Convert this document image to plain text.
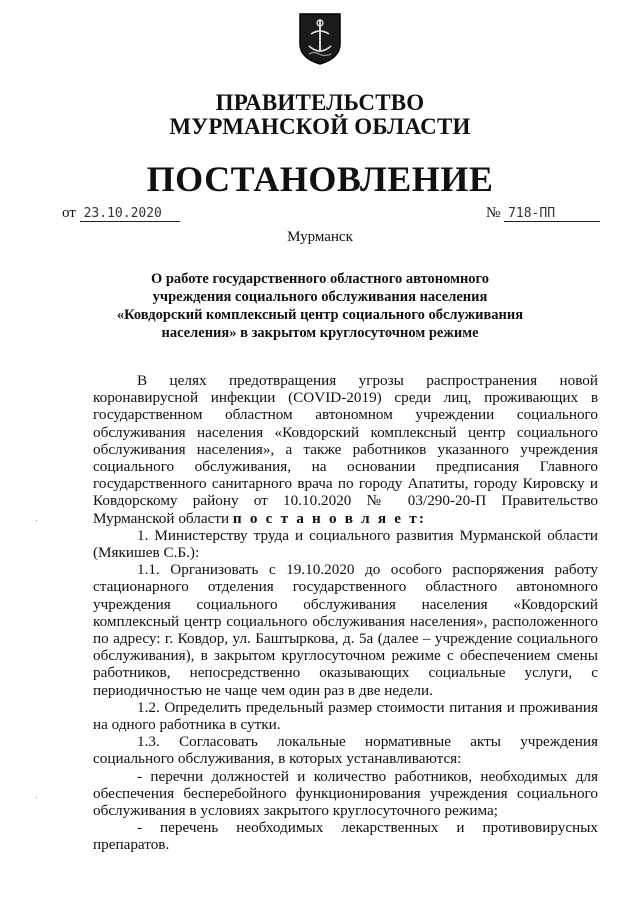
ПРАВИТЕЛЬСТВО
МУРМАНСКОЙ ОБЛАСТИ
ПОСТАНОВЛЕНИЕ
от 23.10.2020	№ 718-ПП
Мурманск
О работе государственного областного автономного учреждения социального обслуживания населения «Ковдорский комплексный центр социального обслуживания населения» в закрытом круглосуточном режиме

В целях предотвращения угрозы распространения новой коронавирусной инфекции (COVID-2019) среди лиц, проживающих в государственном областном автономном учреждении социального обслуживания населения «Ковдорский комплексный центр социального обслуживания населения», а также работников указанного учреждения социального обслуживания, на основании предписания Главного государственного санитарного врача по городу Апатиты, городу Кировску и Ковдорскому району от 10.10.2020 № 03/290-20-П Правительство Мурманской области п о с т а н о в л я е т:

1. Министерству труда и социального развития Мурманской области (Мякишев С.Б.):

1.1. Организовать с 19.10.2020 до особого распоряжения работу стационарного отделения государственного областного автономного учреждения социального обслуживания населения «Ковдорский комплексный центр социального обслуживания населения», расположенного по адресу: г. Ковдор, ул. Баштыркова, д. 5а (далее – учреждение социального обслуживания), в закрытом круглосуточном режиме с обеспечением смены работников, непосредственно оказывающих социальные услуги, с периодичностью не чаще чем один раз в две недели.

1.2. Определить предельный размер стоимости питания и проживания на одного работника в сутки.

1.3. Согласовать локальные нормативные акты учреждения социального обслуживания, в которых устанавливаются:

- перечни должностей и количество работников, необходимых для обеспечения бесперебойного функционирования учреждения социального обслуживания в условиях закрытого круглосуточного режима;

- перечень необходимых лекарственных и противовирусных препаратов.
